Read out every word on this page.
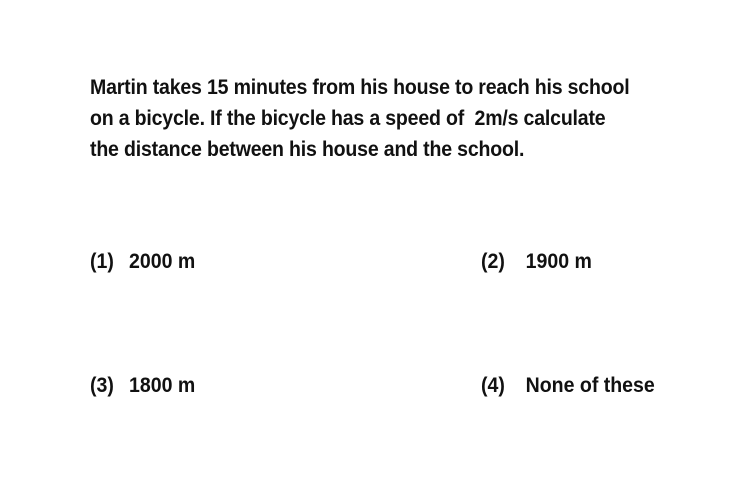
Martin takes 15 minutes from his house to reach his school
on a bicycle. If the bicycle has a speed of  2m/s calculate
the distance between his house and the school.
(1) 2000 m	(2) 1900 m
(3) 1800 m	(4) None of these
